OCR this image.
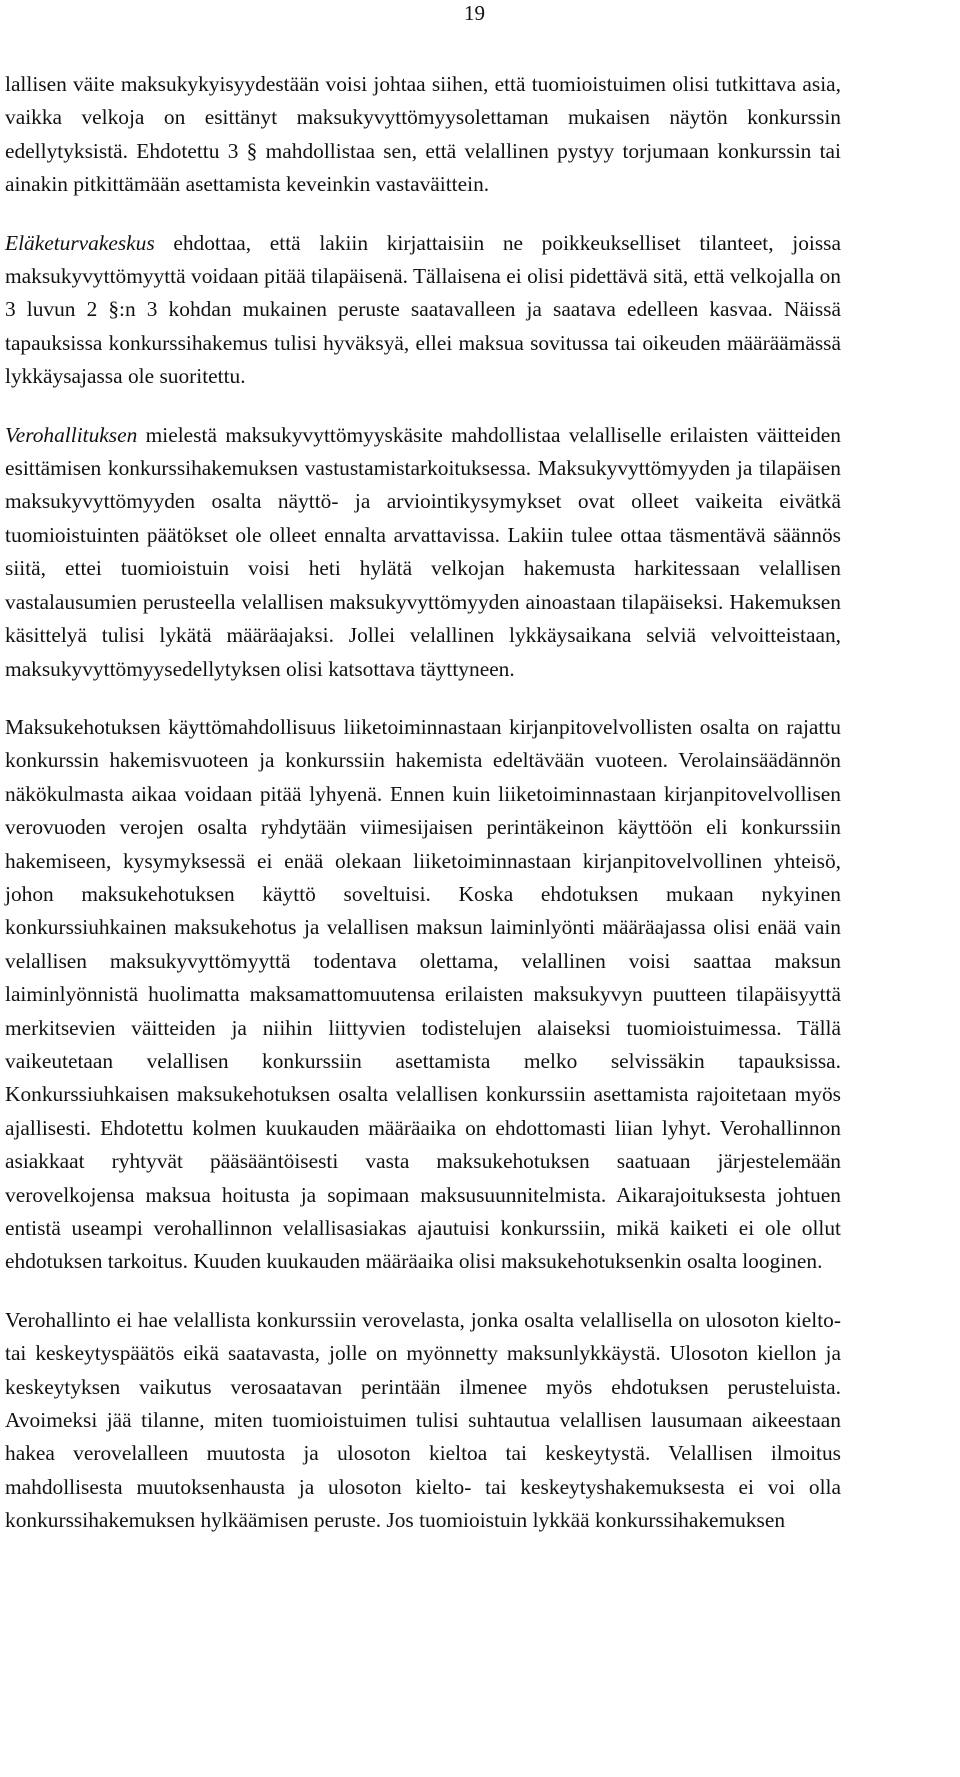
19

lallisen väite maksukykyisyydestään voisi johtaa siihen, että tuomioistuimen olisi tutkittava asia, vaikka velkoja on esittänyt maksukyvyttömyysolettaman mukaisen näytön konkurssin edellytyksistä. Ehdotettu 3 § mahdollistaa sen, että velallinen pystyy torjumaan konkurssin tai ainakin pitkittämään asettamista keveinkin vastaväittein.

Eläketurvakeskus ehdottaa, että lakiin kirjattaisiin ne poikkeukselliset tilanteet, joissa maksukyvyttömyyttä voidaan pitää tilapäisenä. Tällaisena ei olisi pidettävä sitä, että velkojalla on 3 luvun 2 §:n 3 kohdan mukainen peruste saatavalleen ja saatava edelleen kasvaa. Näissä tapauksissa konkurssihakemus tulisi hyväksyä, ellei maksua sovitussa tai oikeuden määräämässä lykkäysajassa ole suoritettu.

Verohallituksen mielestä maksukyvyttömyyskäsite mahdollistaa velalliselle erilaisten väitteiden esittämisen konkurssihakemuksen vastustamistarkoituksessa. Maksukyvyttömyyden ja tilapäisen maksukyvyttömyyden osalta näyttö- ja arviointikysymykset ovat olleet vaikeita eivätkä tuomioistuinten päätökset ole olleet ennalta arvattavissa. Lakiin tulee ottaa täsmentävä säännös siitä, ettei tuomioistuin voisi heti hylätä velkojan hakemusta harkitessaan velallisen vastalausumien perusteella velallisen maksukyvyttömyyden ainoastaan tilapäiseksi. Hakemuksen käsittelyä tulisi lykätä määräajaksi. Jollei velallinen lykkäysaikana selviä velvoitteistaan, maksukyvyttömyysedellytyksen olisi katsottava täyttyneen.

Maksukehotuksen käyttömahdollisuus liiketoiminnastaan kirjanpitovelvollisten osalta on rajattu konkurssin hakemisvuoteen ja konkurssiin hakemista edeltävään vuoteen. Verolainsäädännön näkökulmasta aikaa voidaan pitää lyhyenä. Ennen kuin liiketoiminnastaan kirjanpitovelvollisen verovuoden verojen osalta ryhdytään viimesijaisen perintäkeinon käyttöön eli konkurssiin hakemiseen, kysymyksessä ei enää olekaan liiketoiminnastaan kirjanpitovelvollinen yhteisö, johon maksukehotuksen käyttö soveltuisi. Koska ehdotuksen mukaan nykyinen konkurssiuhkainen maksukehotus ja velallisen maksun laiminlyönti määräajassa olisi enää vain velallisen maksukyvyttömyyttä todentava olettama, velallinen voisi saattaa maksun laiminlyönnistä huolimatta maksamattomuutensa erilaisten maksukyvyn puutteen tilapäisyyttä merkitsevien väitteiden ja niihin liittyvien todistelujen alaiseksi tuomioistuimessa. Tällä vaikeutetaan velallisen konkurssiin asettamista melko selvissäkin tapauksissa. Konkurssiuhkaisen maksukehotuksen osalta velallisen konkurssiin asettamista rajoitetaan myös ajallisesti. Ehdotettu kolmen kuukauden määräaika on ehdottomasti liian lyhyt. Verohallinnon asiakkaat ryhtyvät pääsääntöisesti vasta maksukehotuksen saatuaan järjestelemään verovelkojensa maksua hoitusta ja sopimaan maksusuunnitelmista. Aikarajoituksesta johtuen entistä useampi verohallinnon velallisasiakas ajautuisi konkurssiin, mikä kaiketi ei ole ollut ehdotuksen tarkoitus. Kuuden kuukauden määräaika olisi maksukehotuksenkin osalta looginen.

Verohallinto ei hae velallista konkurssiin verovelasta, jonka osalta velallisella on ulosoton kielto- tai keskeytyspäätös eikä saatavasta, jolle on myönnetty maksunlykkäystä. Ulosoton kiellon ja keskeytyksen vaikutus verosaatavan perintään ilmenee myös ehdotuksen perusteluista. Avoimeksi jää tilanne, miten tuomioistuimen tulisi suhtautua velallisen lausumaan aikeestaan hakea verovelalleen muutosta ja ulosoton kieltoa tai keskeytystä. Velallisen ilmoitus mahdollisesta muutoksenhausta ja ulosoton kielto- tai keskeytyshakemuksesta ei voi olla konkurssihakemuksen hylkäämisen peruste. Jos tuomioistuin lykkää konkurssihakemuksen
